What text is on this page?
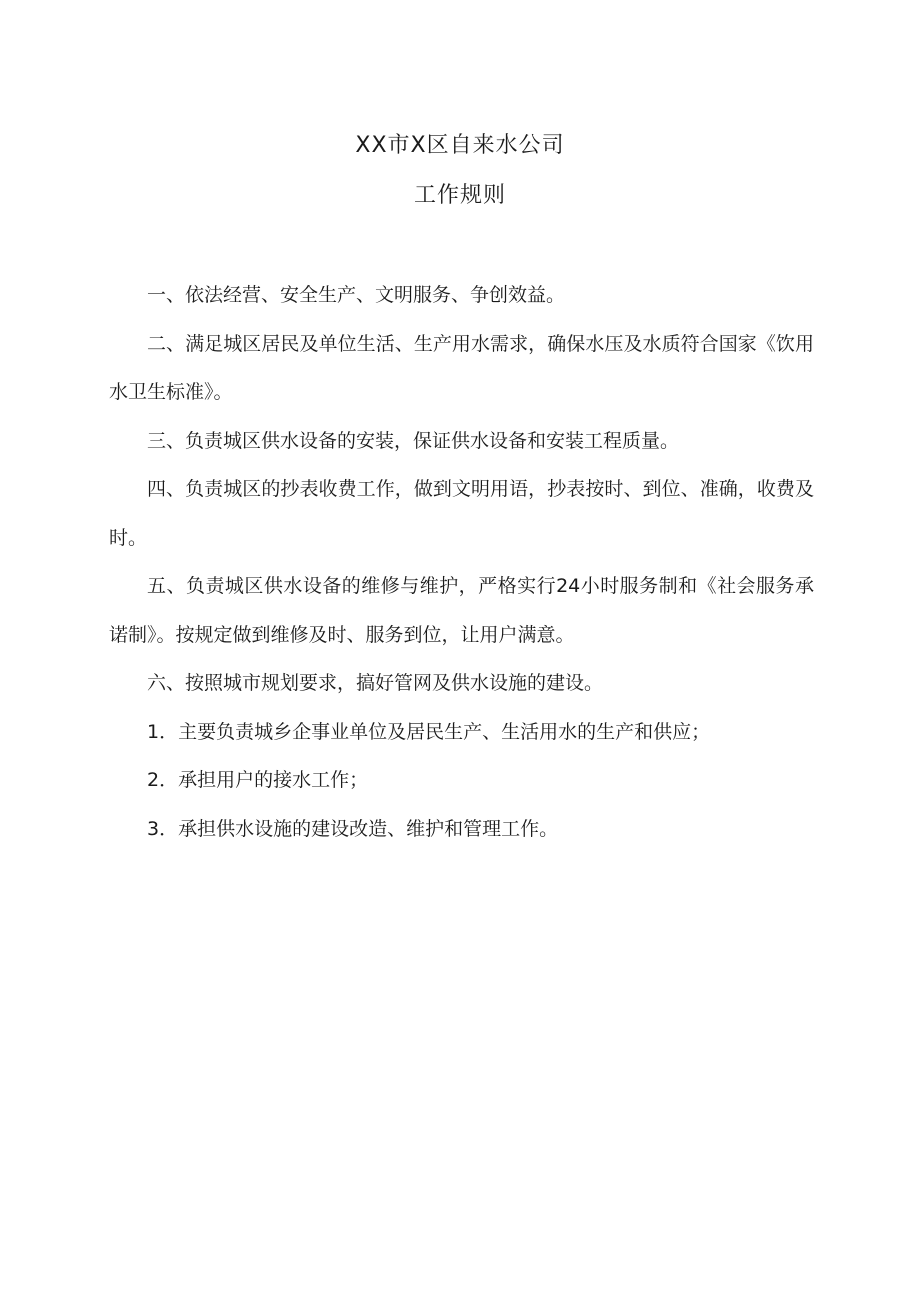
XX市X区自来水公司
工作规则

一、依法经营、安全生产、文明服务、争创效益。

二、满足城区居民及单位生活、生产用水需求，确保水压及水质符合国家《饮用水卫生标准》。

三、负责城区供水设备的安装，保证供水设备和安装工程质量。

四、负责城区的抄表收费工作，做到文明用语，抄表按时、到位、准确，收费及时。

五、负责城区供水设备的维修与维护，严格实行24小时服务制和《社会服务承诺制》。按规定做到维修及时、服务到位，让用户满意。

六、按照城市规划要求，搞好管网及供水设施的建设。

1．主要负责城乡企事业单位及居民生产、生活用水的生产和供应；

2．承担用户的接水工作；

3．承担供水设施的建设改造、维护和管理工作。
